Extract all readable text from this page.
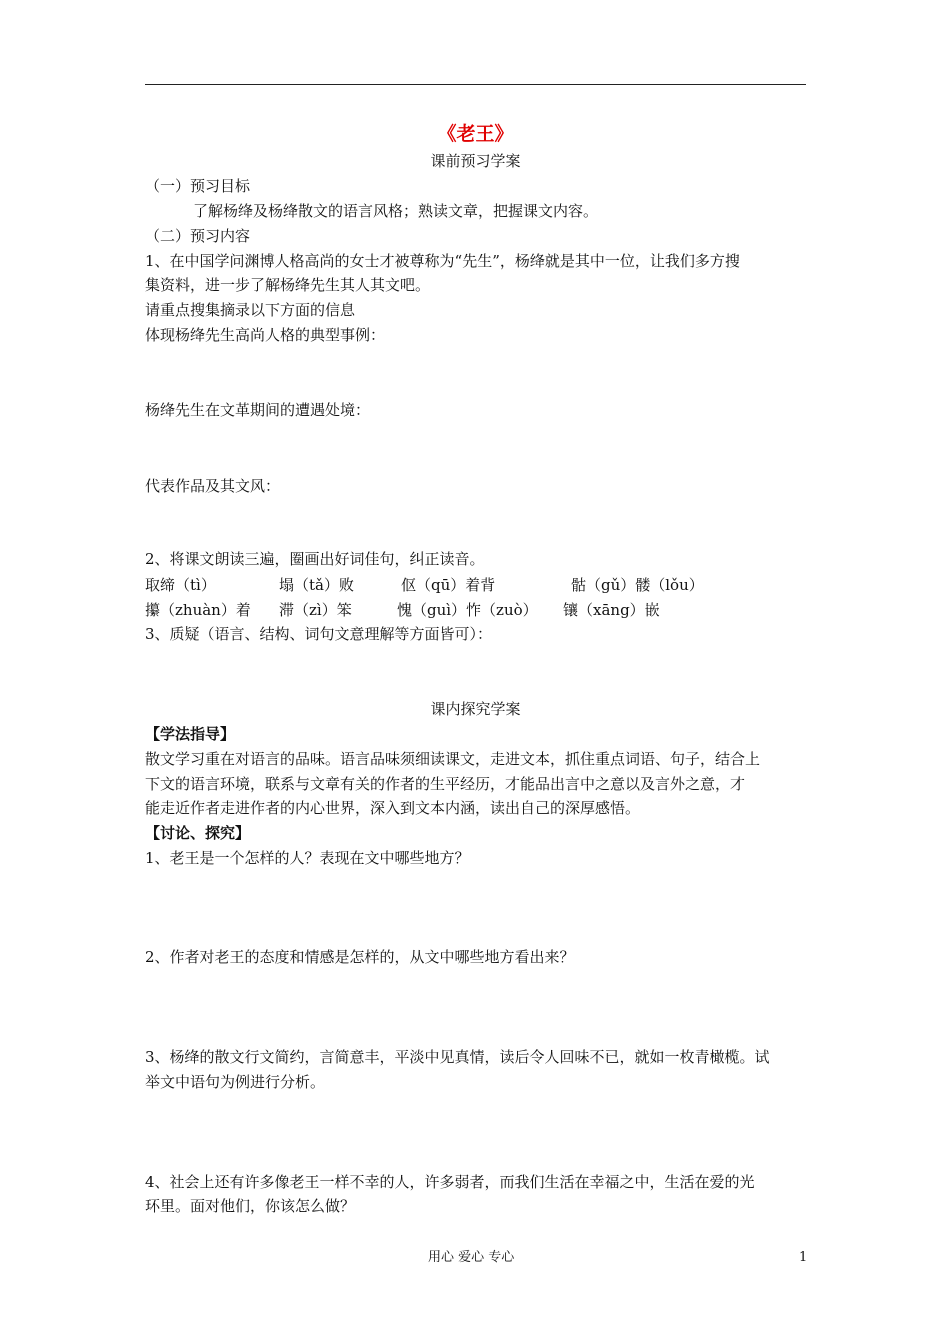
《老王》
课前预习学案
（一）预习目标
了解杨绛及杨绛散文的语言风格；熟读文章，把握课文内容。
（二）预习内容
1、在中国学问渊博人格高尚的女士才被尊称为“先生”，杨绛就是其中一位，让我们多方搜
集资料，进一步了解杨绛先生其人其文吧。
请重点搜集摘录以下方面的信息
体现杨绛先生高尚人格的典型事例：
杨绛先生在文革期间的遭遇处境：
代表作品及其文风：
2、将课文朗读三遍，圈画出好词佳句，纠正读音。
取缔（tì）	塌（tǎ）败	伛（qū）着背	骷（gǔ）髅（lǒu）
攥（zhuàn）着 滞（zì）笨	愧（guì）怍（zuò） 镶（xāng）嵌
3、质疑（语言、结构、词句文意理解等方面皆可）：
课内探究学案
【学法指导】
散文学习重在对语言的品味。语言品味须细读课文，走进文本，抓住重点词语、句子，结合上
下文的语言环境，联系与文章有关的作者的生平经历，才能品出言中之意以及言外之意，才
能走近作者走进作者的内心世界，深入到文本内涵，读出自己的深厚感悟。
【讨论、探究】
1、老王是一个怎样的人？表现在文中哪些地方？
2、作者对老王的态度和情感是怎样的，从文中哪些地方看出来？
3、杨绛的散文行文简约，言简意丰，平淡中见真情，读后令人回味不已，就如一枚青橄榄。试
举文中语句为例进行分析。
4、社会上还有许多像老王一样不幸的人，许多弱者，而我们生活在幸福之中，生活在爱的光
环里。面对他们，你该怎么做？
用心 爱心 专心	1
